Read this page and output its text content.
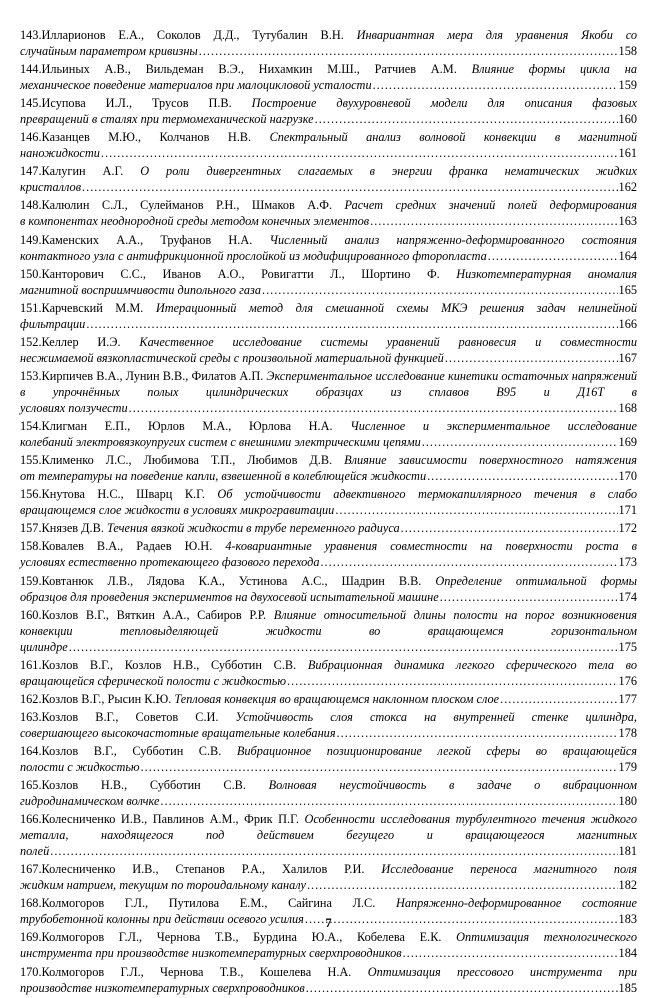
143.Илларионов Е.А., Соколов Д.Д., Тутубалин В.Н. Инвариантная мера для уравнения Якоби со
случайным параметром кривизны .....	158
144.Ильиных А.В., Вильдеман В.Э., Нихамкин М.Ш., Ратчиев А.М. Влияние формы цикла на
механическое поведение материалов при малоцикловой усталости .....	159
145.Исупова И.Л., Трусов П.В. Построение двухуровневой модели для описания фазовых
превращений в сталях при термомеханической нагрузке .....	160
146.Казанцев М.Ю., Колчанов Н.В. Спектральный анализ волновой конвекции в магнитной
наножидкости .....	161
147.Калугин А.Г. О роли дивергентных слагаемых в энергии франка нематических жидких
кристаллов .....	162
148.Калюлин С.Л., Сулейманов Р.Н., Шмаков А.Ф. Расчет средних значений полей деформирования
в компонентах неоднородной среды методом конечных элементов .....	163
149.Каменских А.А., Труфанов Н.А. Численный анализ напряженно-деформированного состояния
контактного узла с антифрикционной прослойкой из модифицированного фторопласта .....	164
150.Канторович С.С., Иванов А.О., Ровигатти Л., Шортино Ф. Низкотемпературная аномалия
магнитной восприимчивости дипольного газа .....	165
151.Карчевский М.М. Итерационный метод для смешанной схемы МКЭ решения задач нелинейной
фильтрации .....	166
152.Келлер И.Э. Качественное исследование системы уравнений равновесия и совместности
несжимаемой вязкопластической среды с произвольной материальной функцией .....	167
153.Кирпичев В.А., Лунин В.В., Филатов А.П. Экспериментальное исследование кинетики остаточных напряжений в упрочнённых полых цилиндрических образцах из сплавов В95 и Д16Т в
условиях ползучести .....	168
154.Клигман Е.П., Юрлов М.А., Юрлова Н.А. Численное и экспериментальное исследование
колебаний электровязкоупругих систем с внешними электрическими цепями .....	169
155.Клименко Л.С., Любимова Т.П., Любимов Д.В. Влияние зависимости поверхностного натяжения
от температуры на поведение капли, взвешенной в колеблющейся жидкости .....	170
156.Кнутова Н.С., Шварц К.Г. Об устойчивости адвективного термокапиллярного течения в слабо
вращающемся слое жидкости в условиях микрогравитации .....	171
157.Князев Д.В. Течения вязкой жидкости в трубе переменного радиуса .....	172
158.Ковалев В.А., Радаев Ю.Н. 4-ковариантные уравнения совместности на поверхности роста в
условиях естественно протекающего фазового перехода .....	173
159.Ковтанюк Л.В., Лядова К.А., Устинова А.С., Шадрин В.В. Определение оптимальной формы
образцов для проведения экспериментов на двухосевой испытательной машине .....	174
160.Козлов В.Г., Вяткин А.А., Сабиров Р.Р. Влияние относительной длины полости на порог возникновения конвекции тепловыделяющей жидкости во вращающемся горизонтальном
цилиндре .....	175
161.Козлов В.Г., Козлов Н.В., Субботин С.В. Вибрационная динамика легкого сферического тела во
вращающейся сферической полости с жидкостью .....	176
162.Козлов В.Г., Рысин К.Ю. Тепловая конвекция во вращающемся наклонном плоском слое .....	177
163.Козлов В.Г., Советов С.И. Устойчивость слоя стокса на внутренней стенке цилиндра,
совершающего высокочастотные вращательные колебания .....	178
164.Козлов В.Г., Субботин С.В. Вибрационное позиционирование легкой сферы во вращающейся
полости с жидкостью .....	179
165.Козлов Н.В., Субботин С.В. Волновая неустойчивость в задаче о вибрационном
гидродинамическом волчке .....	180
166.Колесниченко И.В., Павлинов А.М., Фрик П.Г. Особенности исследования турбулентного течения жидкого металла, находящегося под действием бегущего и вращающегося магнитных
полей .....	181
167.Колесниченко И.В., Степанов Р.А., Халилов Р.И. Исследование переноса магнитного поля
жидким натрием, текущим по тороидальному каналу .....	182
168.Колмогоров Г.Л., Путилова Е.М., Сайгина Л.С. Напряженно-деформированное состояние
трубобетонной колонны при действии осевого усилия .....	183
169.Колмогоров Г.Л., Чернова Т.В., Бурдина Ю.А., Кобелева Е.К. Оптимизация технологического
инструмента при производстве низкотемпературных сверхпроводников .....	184
170.Колмогоров Г.Л., Чернова Т.В., Кошелева Н.А. Оптимизация прессового инструмента при
производстве низкотемпературных сверхпроводников .....	185
7
